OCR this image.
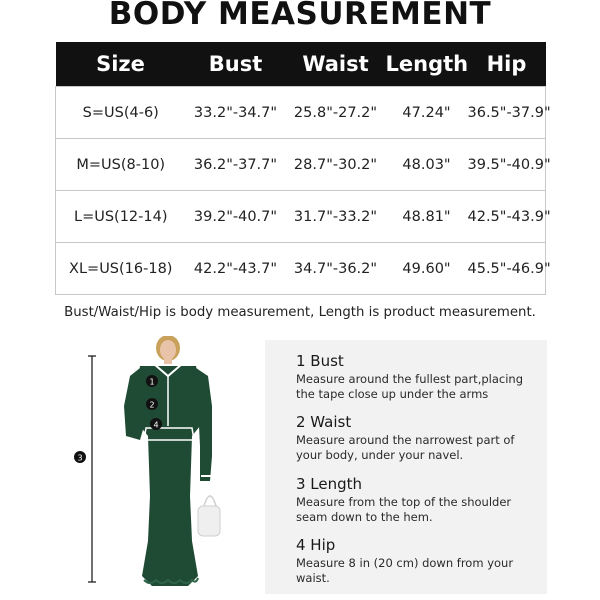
BODY MEASUREMENT
Size	Bust	Waist	Length	Hip
S=US(4-6)	33.2"-34.7"	25.8"-27.2"	47.24"	36.5"-37.9"
M=US(8-10)	36.2"-37.7"	28.7"-30.2"	48.03"	39.5"-40.9"
L=US(12-14)	39.2"-40.7"	31.7"-33.2"	48.81"	42.5"-43.9"
XL=US(16-18)	42.2"-43.7"	34.7"-36.2"	49.60"	45.5"-46.9"
Bust/Waist/Hip is body measurement, Length is product measurement.
1
2
4
3
1 Bust
Measure around the fullest part,placing
the tape close up under the arms
2 Waist
Measure around the narrowest part of
your body, under your navel.
3 Length
Measure from the top of the shoulder
seam down to the hem.
4 Hip
Measure 8 in (20 cm) down from your
waist.
